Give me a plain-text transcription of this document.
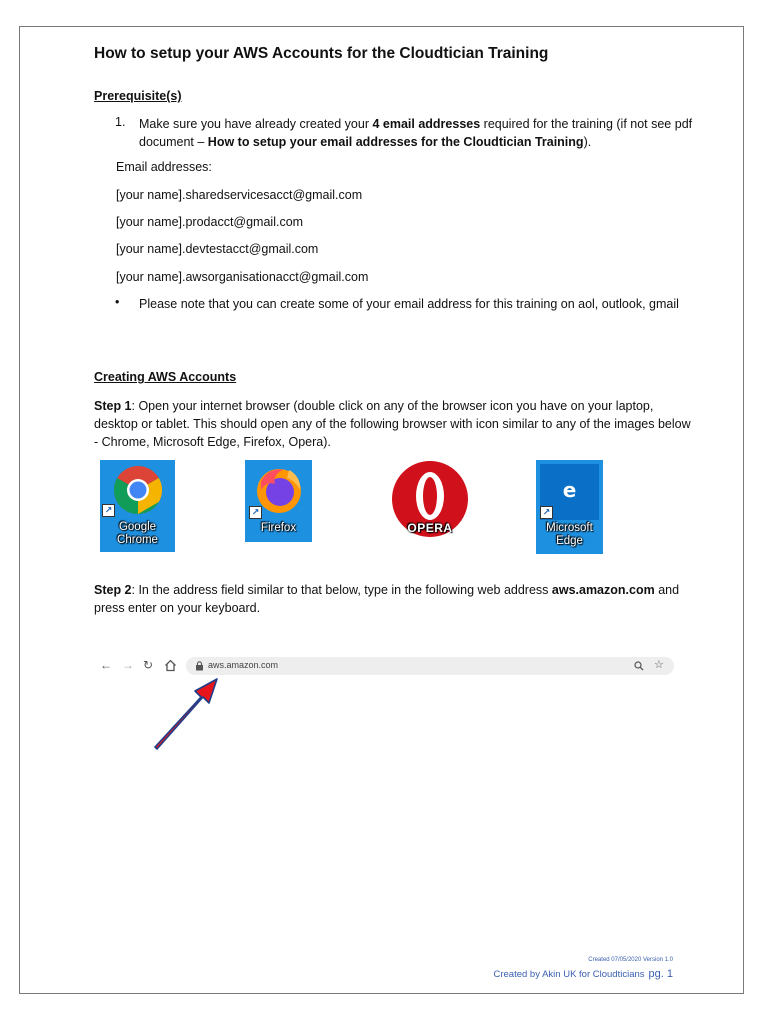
How to setup your AWS Accounts for the Cloudtician Training
Prerequisite(s)
1. Make sure you have already created your 4 email addresses required for the training (if not see pdf document – How to setup your email addresses for the Cloudtician Training).
Email addresses:
[your name].sharedservicesacct@gmail.com
[your name].prodacct@gmail.com
[your name].devtestacct@gmail.com
[your name].awsorganisationacct@gmail.com
• Please note that you can create some of your email address for this training on aol, outlook, gmail
Creating AWS Accounts
Step 1: Open your internet browser (double click on any of the browser icon you have on your laptop, desktop or tablet. This should open any of the following browser with icon similar to any of the images below - Chrome, Microsoft Edge, Firefox, Opera).
↗
Google
Chrome
↗
Firefox	OPERA
e
↗
Microsoft
Edge
Step 2: In the address field similar to that below, type in the following web address aws.amazon.com and press enter on your keyboard.
← → ↻	aws.amazon.com	☆
Created 07/05/2020 Version 1.0
Created by Akin UK for Cloudticians pg. 1
